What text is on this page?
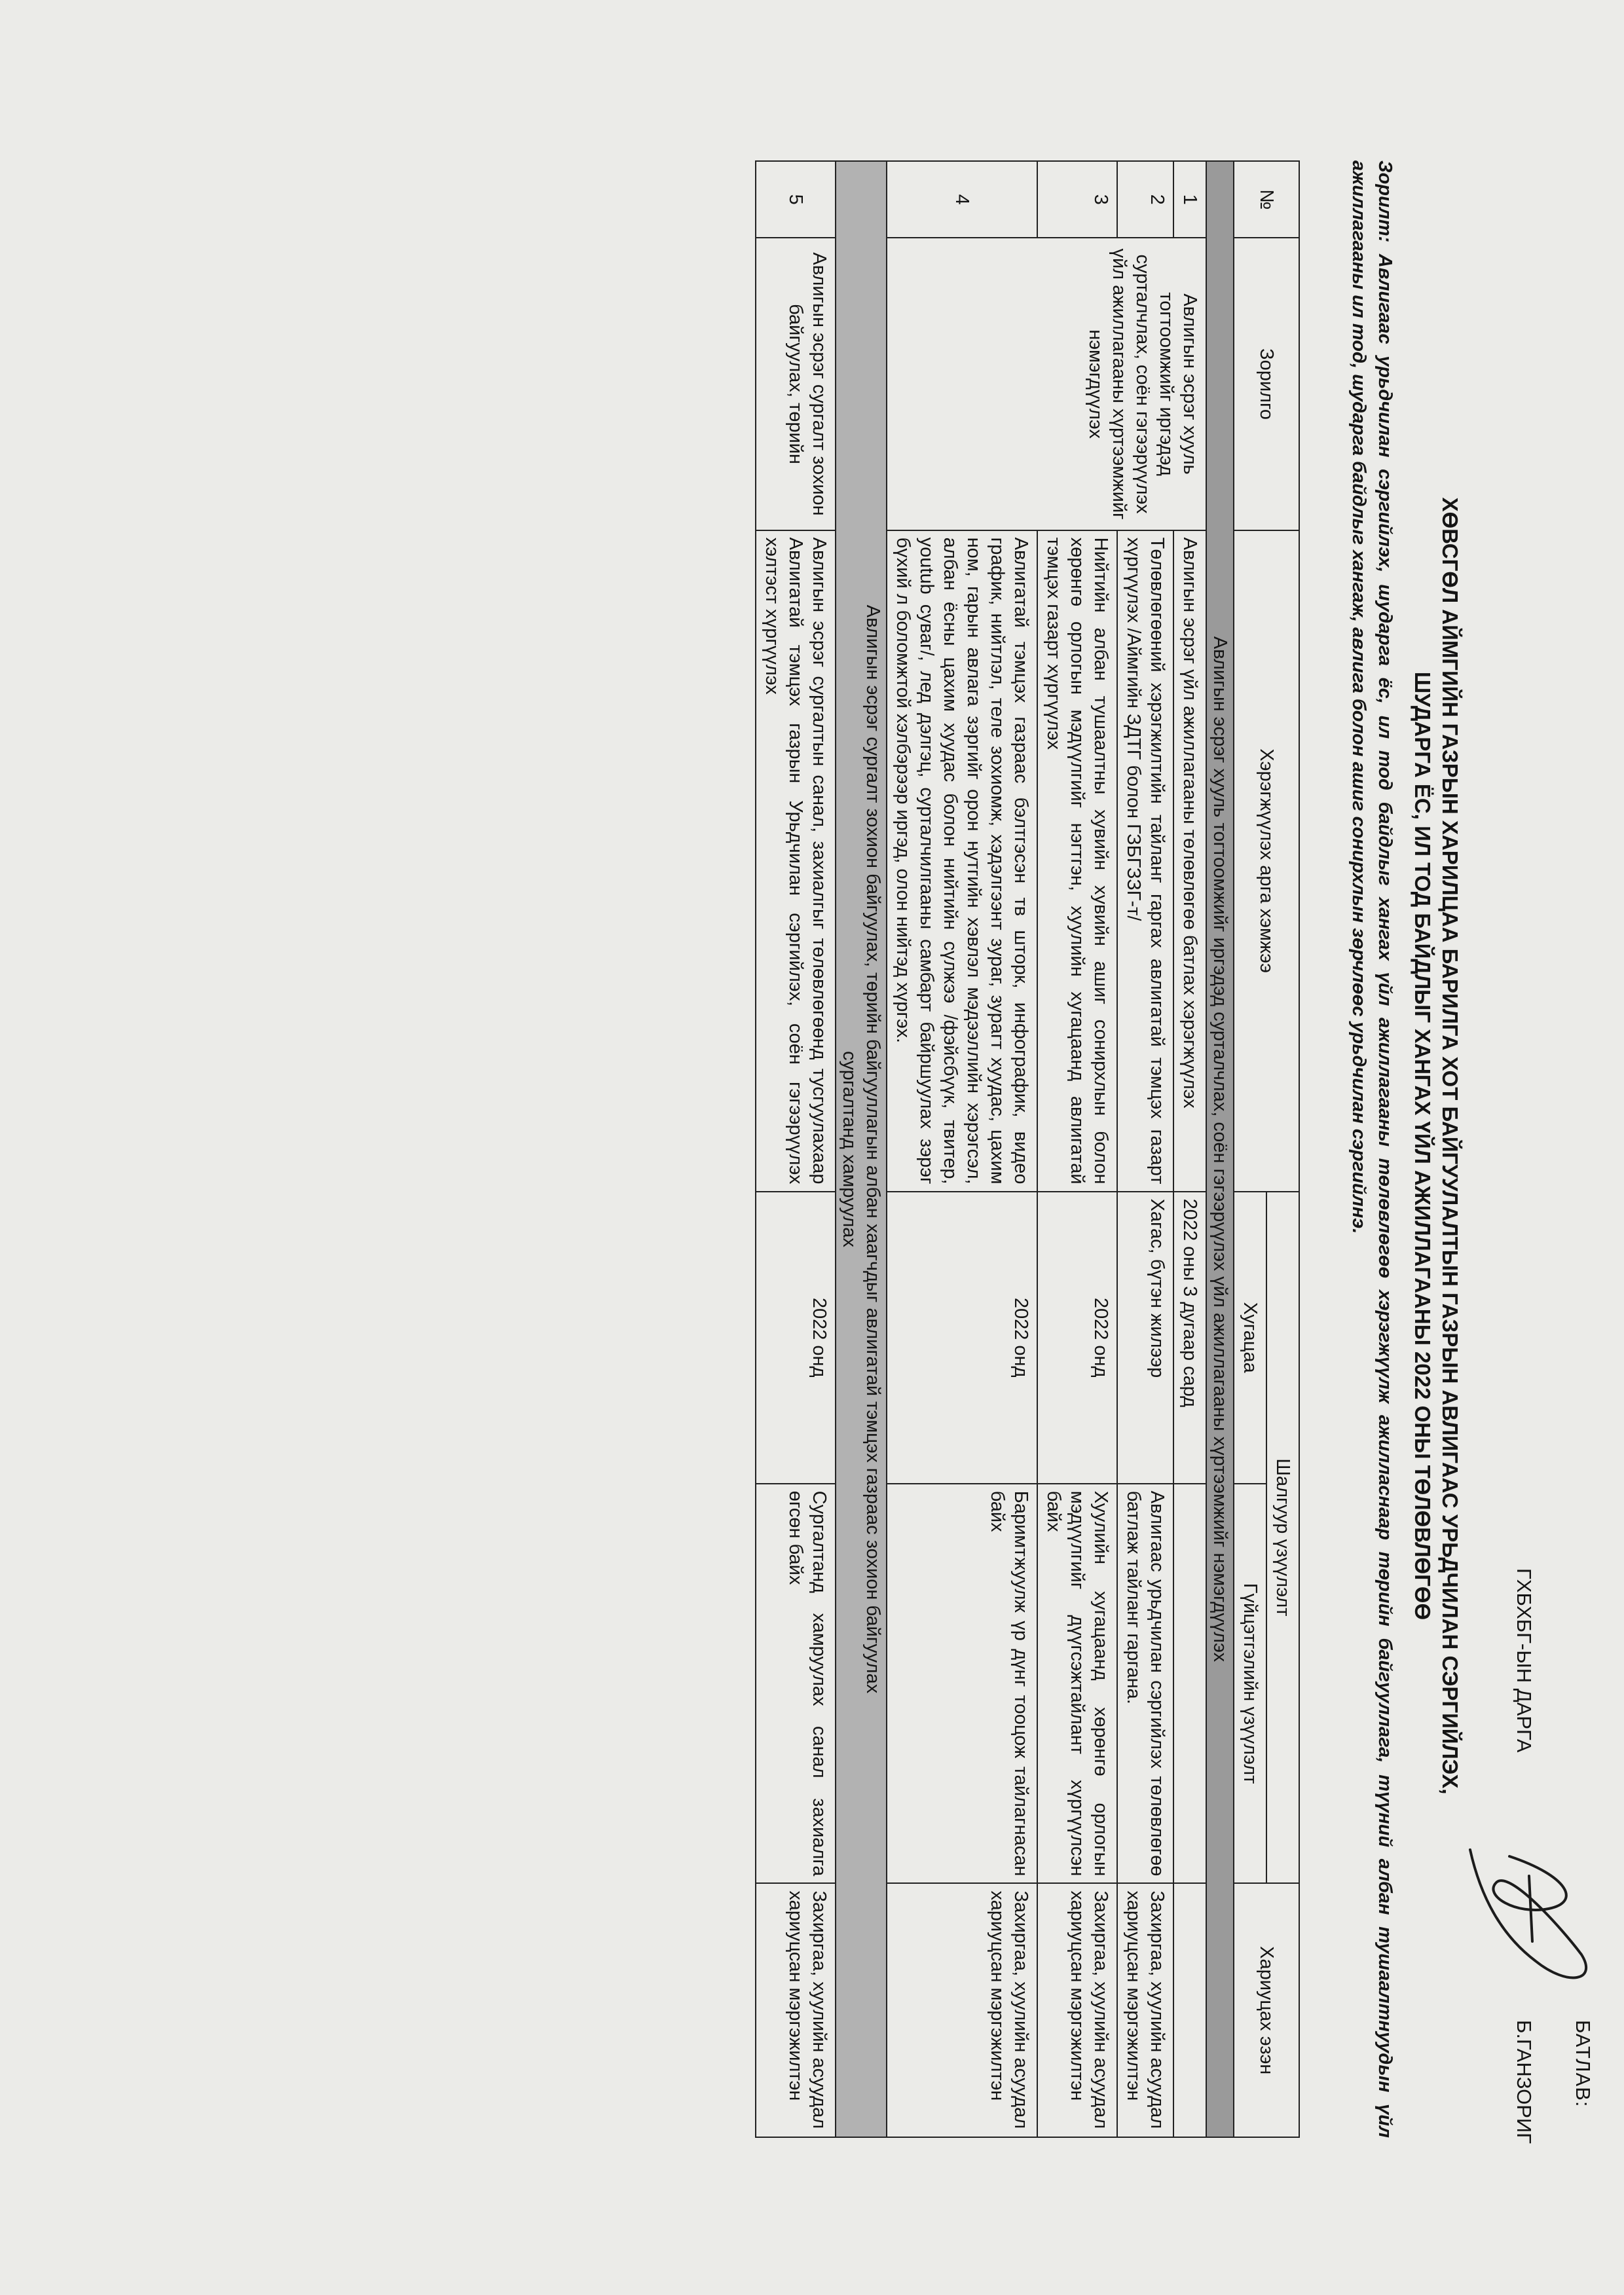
БАТЛАВ:
ГХБХБГ-ЫН ДАРГА
Б.ГАНЗОРИГ
ХӨВСГӨЛ АЙМГИЙН ГАЗРЫН ХАРИЛЦАА БАРИЛГА ХОТ БАЙГУУЛАЛТЫН ГАЗРЫН АВЛИГААС УРЬДЧИЛАН СЭРГИЙЛЭХ,
ШУДАРГА ЁС, ИЛ ТОД БАЙДЛЫГ ХАНГАХ ҮЙЛ АЖИЛЛАГААНЫ 2022 ОНЫ ТӨЛӨВЛӨГӨӨ

Зорилт: Авлигаас урьдчилан сэргийлэх, шударга ёс, ил тод байдлыг хангах үйл ажиллагааны төлөвлөгөө хэрэгжүүлж ажилласнаар төрийн байгууллага, түүний албан тушаалтнуудын үйл ажиллагааны ил тод, шударга байдлыг хангаж, авлига болон ашиг сонирхлын зөрчлөөс урьдчилан сэргийлнэ.

№	Зорилго	Хэрэгжүүлэх арга хэмжээ	Шалгуур үзүүлэлт		Хариуцах эзэн
			Хугацаа	Гүйцэтгэлийн үзүүлэлт	
Авлигын эсрэг хууль тогтоомжийг иргэдэд сурталчлах, соён гэгээрүүлэх үйл ажиллагааны хүртээмжийг нэмэгдүүлэх					
1	Авлигын эсрэг хууль тогтоомжийг иргэдэд сурталчлах, соён гэгээрүүлэх үйл ажиллагааны хүртээмжийг нэмэгдүүлэх	Авлигын эсрэг үйл ажиллагааны төлөвлөгөө батлах хэрэгжүүлэх	2022 оны 3 дугаар сард		
2		Төлөвлөгөөний хэрэгжилтийн тайланг гаргах авлигатай тэмцэх газарт хүргүүлэх /Аймгийн ЗДТГ болон ГЗБГЗЗГ-т/	Хагас, бүтэн жилээр	Авлигаас урьдчилан сэргийлэх төлөвлөгөө батлаж тайланг гаргана.	Захиргаа, хуулийн асуудал хариуцсан мэргэжилтэн
3		Нийтийн албан тушаалтны хувийн хувийн ашиг сонирхлын болон хөрөнгө орлогын мэдүүлгийг нэгтгэн, хуулийн хугацаанд авлигатай тэмцэх газарт хүргүүлэх	2022 онд	Хуулийн хугацаанд хөрөнгө орлогын мэдүүлгийг дүүгсэжтайлант хүргүүлсэн байх	Захиргаа, хуулийн асуудал хариуцсан мэргэжилтэн
4		Авлигатай тэмцэх газраас бэлтгэсэн тв шторк, инфографик, видео график, нийтлэл, теле зохиомж, хэдэлгээнт зураг, зурагт хуудас, цахим ном, гарын авлага зэргийг орон нутгийн хэвлэл мэдээллийн хэрэгсэл, албан ёсны цахим хуудас болон нийтийн сүлжээ /фэйсбүүк, твитер, youtub суваг/, лед дэлгэц, сурталчилгааны самбарт байршуулах зэрэг бүхий л боломжтой хэлбэрээр иргэд, олон нийтэд хүргэх.	2022 онд	Баримтжуулж үр дүнг тооцож тайлагнасан байх	Захиргаа, хуулийн асуудал хариуцсан мэргэжилтэн
Авлигын эсрэг сургалт зохион байгуулах, төрийн байгууллагын албан хаагчдыг авлигатай тэмцэх газраас зохион байгуулах
сургалтанд хамруулах					
5	Авлигын эсрэг сургалт зохион байгуулах, төрийн	Авлигын эсрэг сургалтын санал, захиалгыг төлөвлөгөөнд тусгуулахаар Авлигатай тэмцэх газрын Урьдчилан сэргийлэх, соён гэгээрүүлэх хэлтэст хүргүүлэх	2022 онд	Сургалтанд хамруулах санал захиалга өгсөн байх	Захиргаа, хуулийн асуудал хариуцсан мэргэжилтэн
